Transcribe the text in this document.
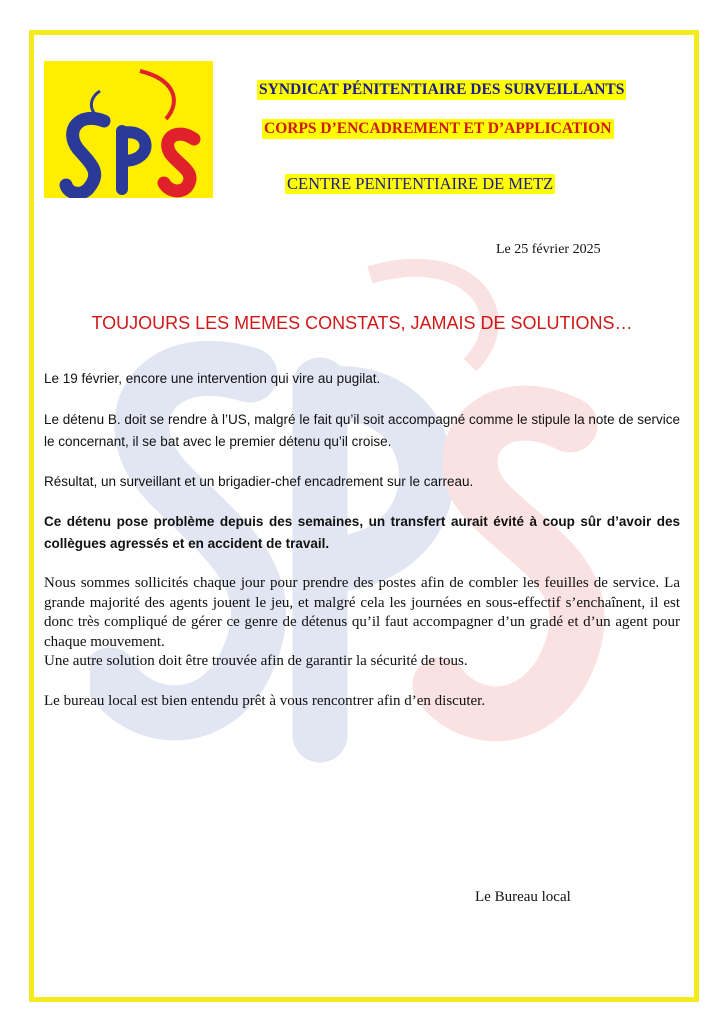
SYNDICAT PÉNITENTIAIRE DES SURVEILLANTS
CORPS D’ENCADREMENT ET D’APPLICATION
CENTRE PENITENTIAIRE DE METZ
Le 25 février 2025
TOUJOURS LES MEMES CONSTATS, JAMAIS DE SOLUTIONS…

Le 19 février, encore une intervention qui vire au pugilat.

Le détenu B. doit se rendre à l’US, malgré le fait qu’il soit accompagné comme le stipule la note de service le concernant, il se bat avec le premier détenu qu’il croise.

Résultat, un surveillant et un brigadier-chef encadrement sur le carreau.

Ce détenu pose problème depuis des semaines, un transfert aurait évité à coup sûr d’avoir des collègues agressés et en accident de travail.

Nous sommes sollicités chaque jour pour prendre des postes afin de combler les feuilles de service. La grande majorité des agents jouent le jeu, et malgré cela les journées en sous-effectif s’enchaînent, il est donc très compliqué de gérer ce genre de détenus qu’il faut accompagner d’un gradé et d’un agent pour chaque mouvement.
Une autre solution doit être trouvée afin de garantir la sécurité de tous.

Le bureau local est bien entendu prêt à vous rencontrer afin d’en discuter.

Le Bureau local
